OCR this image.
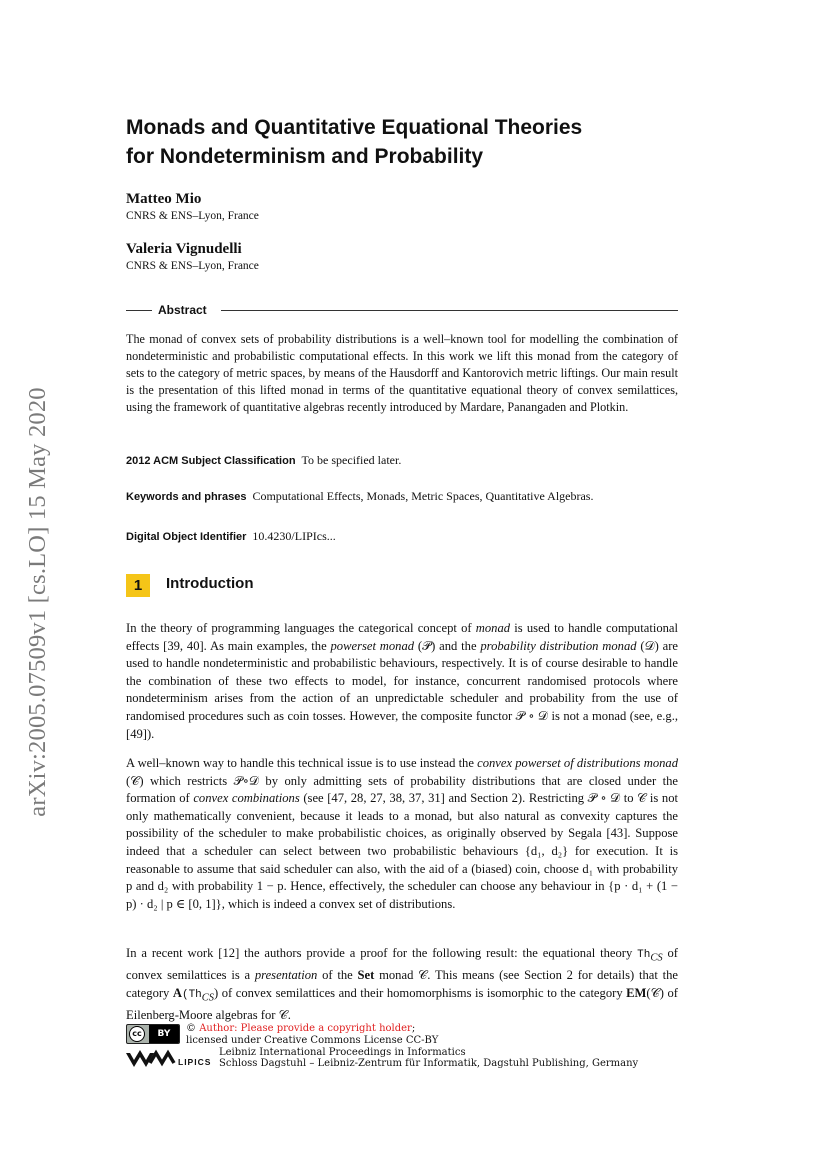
arXiv:2005.07509v1 [cs.LO] 15 May 2020
Monads and Quantitative Equational Theories
for Nondeterminism and Probability
Matteo Mio
CNRS & ENS–Lyon, France
Valeria Vignudelli
CNRS & ENS–Lyon, France
Abstract

The monad of convex sets of probability distributions is a well–known tool for modelling the combination of nondeterministic and probabilistic computational effects. In this work we lift this monad from the category of sets to the category of metric spaces, by means of the Hausdorff and Kantorovich metric liftings. Our main result is the presentation of this lifted monad in terms of the quantitative equational theory of convex semilattices, using the framework of quantitative algebras recently introduced by Mardare, Panangaden and Plotkin.

2012 ACM Subject Classification To be specified later.
Keywords and phrases Computational Effects, Monads, Metric Spaces, Quantitative Algebras.
Digital Object Identifier 10.4230/LIPIcs...
1	Introduction

In the theory of programming languages the categorical concept of monad is used to handle computational effects [39, 40]. As main examples, the powerset monad (𝒫) and the probability distribution monad (𝒟) are used to handle nondeterministic and probabilistic behaviours, respectively. It is of course desirable to handle the combination of these two effects to model, for instance, concurrent randomised protocols where nondeterminism arises from the action of an unpredictable scheduler and probability from the use of randomised procedures such as coin tosses. However, the composite functor 𝒫 ∘ 𝒟 is not a monad (see, e.g., [49]).

A well–known way to handle this technical issue is to use instead the convex powerset of distributions monad (𝒞) which restricts 𝒫∘𝒟 by only admitting sets of probability distributions that are closed under the formation of convex combinations (see [47, 28, 27, 38, 37, 31] and Section 2). Restricting 𝒫 ∘ 𝒟 to 𝒞 is not only mathematically convenient, because it leads to a monad, but also natural as convexity captures the possibility of the scheduler to make probabilistic choices, as originally observed by Segala [43]. Suppose indeed that a scheduler can select between two probabilistic behaviours {d₁, d₂} for execution. It is reasonable to assume that said scheduler can also, with the aid of a (biased) coin, choose d₁ with probability p and d₂ with probability 1 − p. Hence, effectively, the scheduler can choose any behaviour in {p · d₁ + (1 − p) · d₂ | p ∈ [0, 1]}, which is indeed a convex set of distributions.

In a recent work [12] the authors provide a proof for the following result: the equational theory $Th_{CS}$ of convex semilattices is a presentation of the Set monad 𝒞. This means (see Section 2 for details) that the category $A(Th_{CS})$ of convex semilattices and their homomorphisms is isomorphic to the category EM(𝒞) of Eilenberg-Moore algebras for 𝒞.

cc	BY	© Author: Please provide a copyright holder;
licensed under Creative Commons License CC-BY
LIPICS
Leibniz International Proceedings in Informatics
Schloss Dagstuhl – Leibniz-Zentrum für Informatik, Dagstuhl Publishing, Germany
